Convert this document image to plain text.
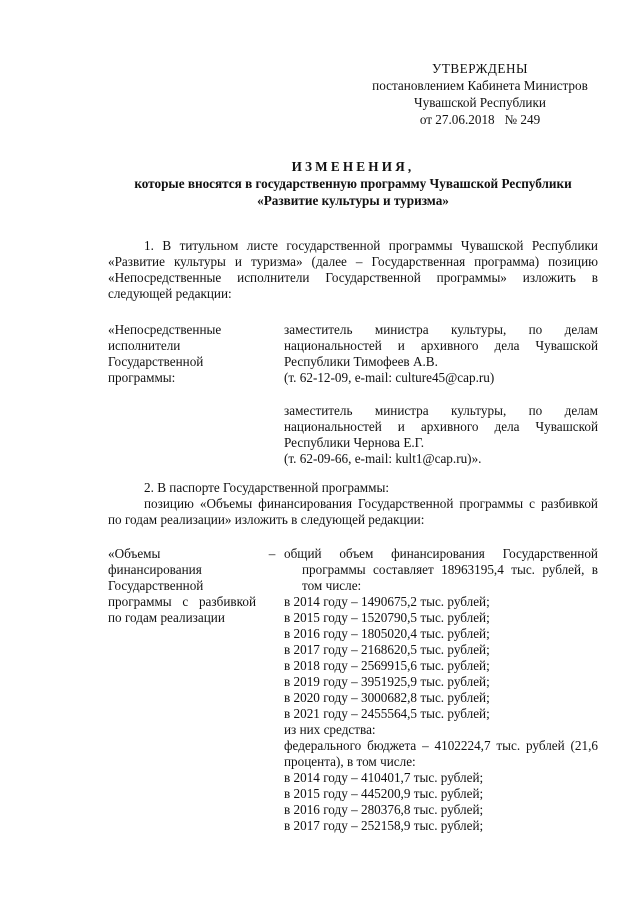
УТВЕРЖДЕНЫ
постановлением Кабинета Министров
Чувашской Республики
от 27.06.2018   № 249
ИЗМЕНЕНИЯ,
которые вносятся в государственную программу Чувашской Республики
«Развитие культуры и туризма»

1. В титульном листе государственной программы Чувашской Республики «Развитие культуры и туризма» (далее – Государственная программа) позицию «Непосредственные исполнители Государственной программы» изложить в следующей редакции:

«Непосредственные исполнители Государственной программы:

заместитель министра культуры, по делам национальностей и архивного дела Чувашской Республики Тимофеев А.В.

(т. 62-12-09, e-mail: culture45@cap.ru)

заместитель министра культуры, по делам национальностей и архивного дела Чувашской Республики Чернова Е.Г.

(т. 62-09-66, e-mail: kult1@cap.ru)».

2. В паспорте Государственной программы:

позицию «Объемы финансирования Государственной программы с разбивкой по годам реализации» изложить в следующей редакции:

«Объемы финансирования Государственной программы с разбивкой по годам реализации
– общий объем финансирования Государственной программы составляет 18963195,4 тыс. рублей, в том числе:

в 2014 году – 1490675,2 тыс. рублей;

в 2015 году – 1520790,5 тыс. рублей;

в 2016 году – 1805020,4 тыс. рублей;

в 2017 году – 2168620,5 тыс. рублей;

в 2018 году – 2569915,6 тыс. рублей;

в 2019 году – 3951925,9 тыс. рублей;

в 2020 году – 3000682,8 тыс. рублей;

в 2021 году – 2455564,5 тыс. рублей;

из них средства:

федерального бюджета – 4102224,7 тыс. рублей (21,6 процента), в том числе:

в 2014 году – 410401,7 тыс. рублей;

в 2015 году – 445200,9 тыс. рублей;

в 2016 году – 280376,8 тыс. рублей;

в 2017 году – 252158,9 тыс. рублей;
